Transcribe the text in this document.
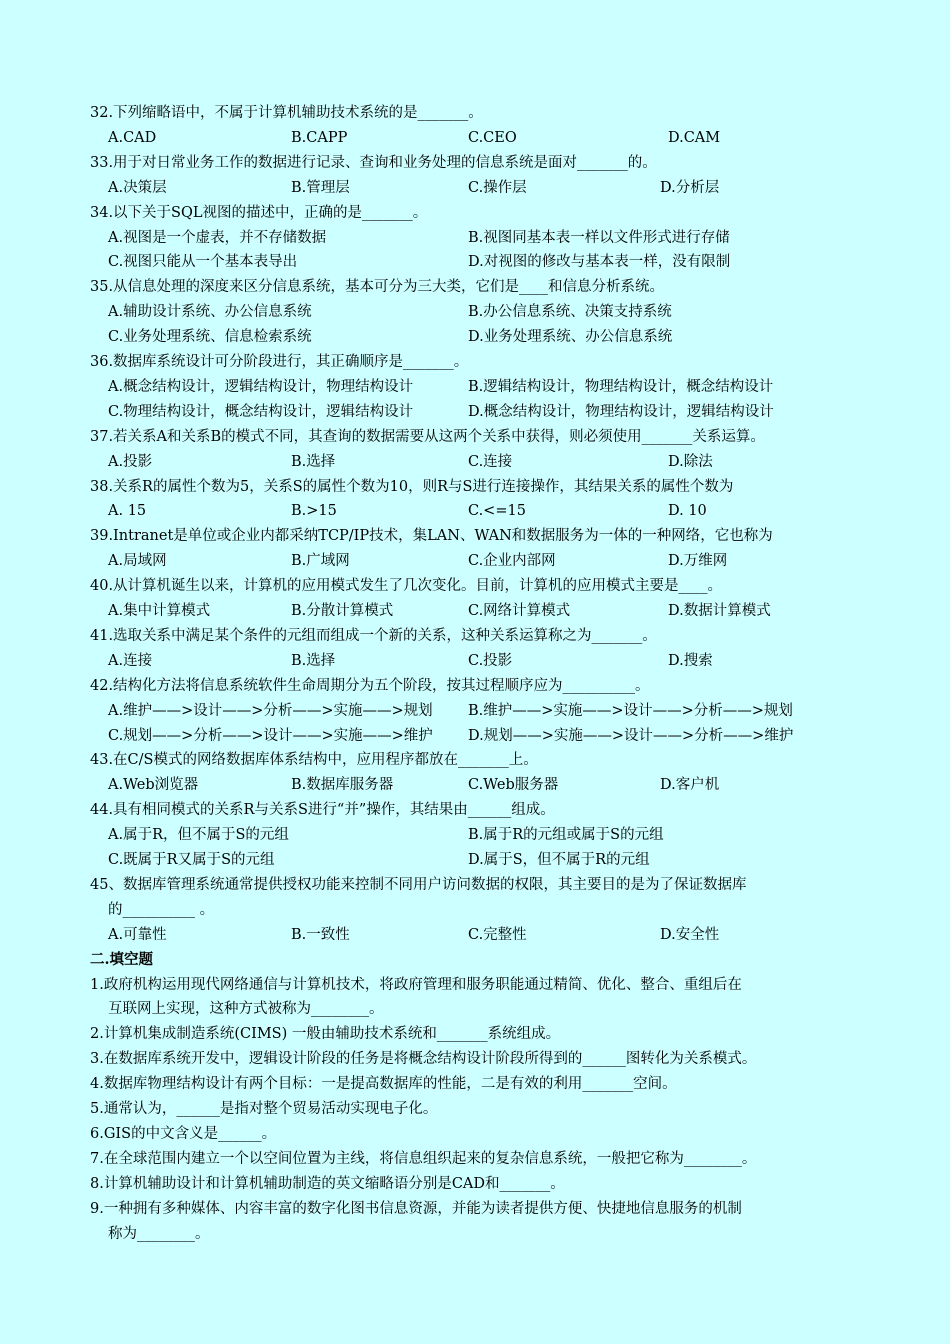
32.下列缩略语中，不属于计算机辅助技术系统的是_______。
A.CAD	B.CAPP	C.CEO	D.CAM
33.用于对日常业务工作的数据进行记录、查询和业务处理的信息系统是面对_______的。
A.决策层	B.管理层	C.操作层	D.分析层
34.以下关于SQL视图的描述中，正确的是_______。
A.视图是一个虚表，并不存储数据	B.视图同基本表一样以文件形式进行存储
C.视图只能从一个基本表导出	D.对视图的修改与基本表一样，没有限制
35.从信息处理的深度来区分信息系统，基本可分为三大类，它们是____和信息分析系统。
A.辅助设计系统、办公信息系统	B.办公信息系统、决策支持系统
C.业务处理系统、信息检索系统	D.业务处理系统、办公信息系统
36.数据库系统设计可分阶段进行，其正确顺序是_______。
A.概念结构设计，逻辑结构设计，物理结构设计	B.逻辑结构设计，物理结构设计，概念结构设计
C.物理结构设计，概念结构设计，逻辑结构设计	D.概念结构设计，物理结构设计，逻辑结构设计
37.若关系A和关系B的模式不同，其查询的数据需要从这两个关系中获得，则必须使用_______关系运算。
A.投影	B.选择	C.连接	D.除法
38.关系R的属性个数为5，关系S的属性个数为10，则R与S进行连接操作，其结果关系的属性个数为
A. 15	B.>15	C.<=15	D. 10
39.Intranet是单位或企业内都采纳TCP/IP技术，集LAN、WAN和数据服务为一体的一种网络，它也称为
A.局域网	B.广域网	C.企业内部网	D.万维网
40.从计算机诞生以来，计算机的应用模式发生了几次变化。目前，计算机的应用模式主要是____。
A.集中计算模式	B.分散计算模式	C.网络计算模式	D.数据计算模式
41.选取关系中满足某个条件的元组而组成一个新的关系，这种关系运算称之为_______。
A.连接	B.选择	C.投影	D.搜索
42.结构化方法将信息系统软件生命周期分为五个阶段，按其过程顺序应为__________。
A.维护——>设计——>分析——>实施——>规划 B.维护——>实施——>设计——>分析——>规划
C.规划——>分析——>设计——>实施——>维护 D.规划——>实施——>设计——>分析——>维护
43.在C/S模式的网络数据库体系结构中，应用程序都放在_______上。
A.Web浏览器	B.数据库服务器	C.Web服务器	D.客户机
44.具有相同模式的关系R与关系S进行“并”操作，其结果由______组成。
A.属于R，但不属于S的元组	B.属于R的元组或属于S的元组
C.既属于R又属于S的元组	D.属于S，但不属于R的元组
45、数据库管理系统通常提供授权功能来控制不同用户访问数据的权限，其主要目的是为了保证数据库
的__________ 。
A.可靠性	B.一致性	C.完整性	D.安全性
二.填空题
1.政府机构运用现代网络通信与计算机技术，将政府管理和服务职能通过精简、优化、整合、重组后在
互联网上实现，这种方式被称为________。
2.计算机集成制造系统(CIMS) 一般由辅助技术系统和_______系统组成。
3.在数据库系统开发中，逻辑设计阶段的任务是将概念结构设计阶段所得到的______图转化为关系模式。
4.数据库物理结构设计有两个目标：一是提高数据库的性能，二是有效的利用_______空间。
5.通常认为，______是指对整个贸易活动实现电子化。
6.GIS的中文含义是______。
7.在全球范围内建立一个以空间位置为主线，将信息组织起来的复杂信息系统，一般把它称为________。
8.计算机辅助设计和计算机辅助制造的英文缩略语分别是CAD和_______。
9.一种拥有多种媒体、内容丰富的数字化图书信息资源，并能为读者提供方便、快捷地信息服务的机制
称为________。
